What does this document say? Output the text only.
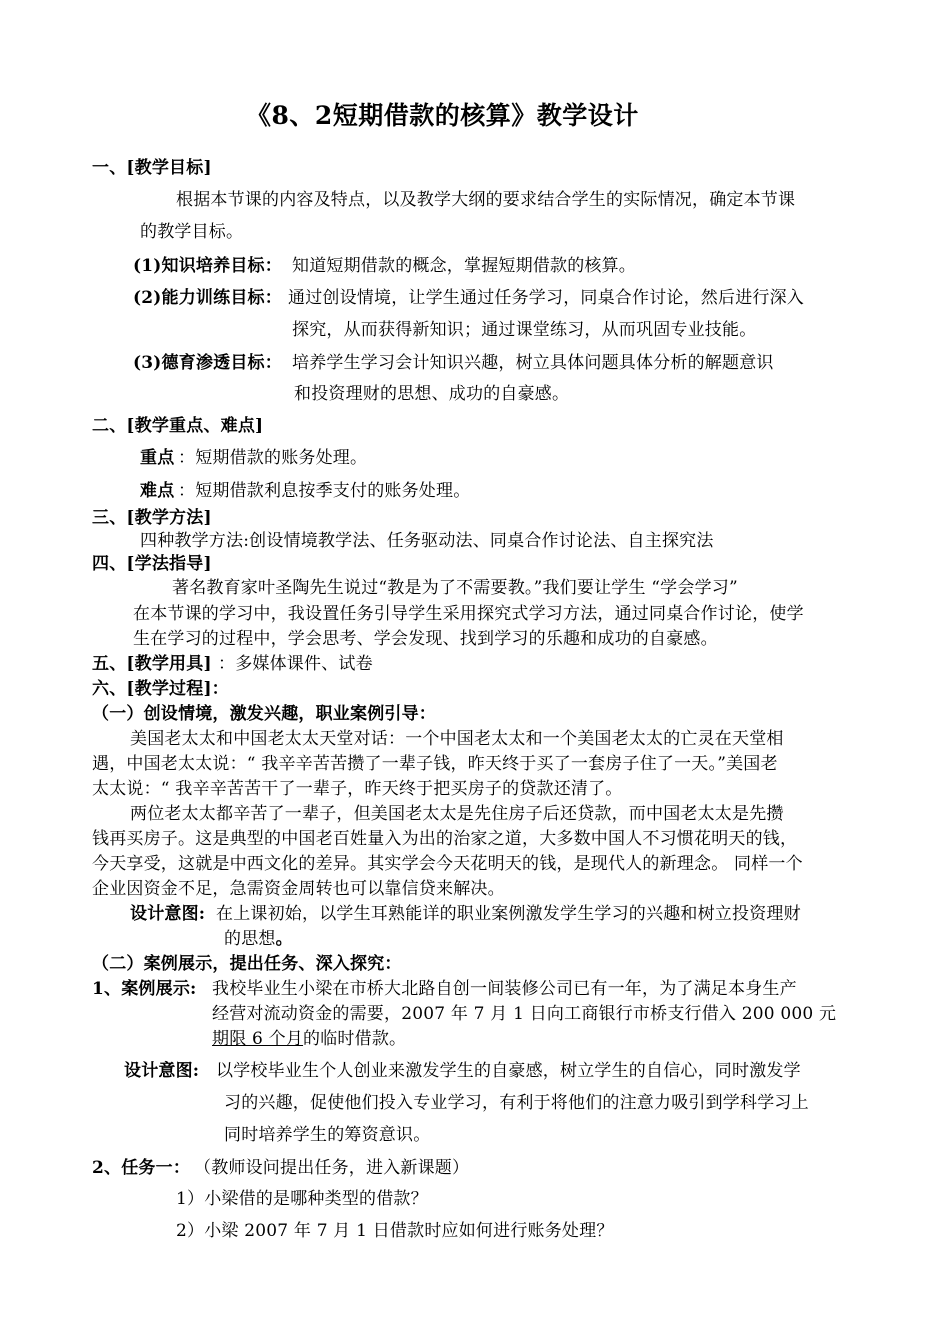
《8、2短期借款的核算》教学设计
一、[教学目标]
根据本节课的内容及特点，以及教学大纲的要求结合学生的实际情况，确定本节课
的教学目标。
(1)知识培养目标： 知道短期借款的概念，掌握短期借款的核算。
(2)能力训练目标： 通过创设情境，让学生通过任务学习，同桌合作讨论，然后进行深入
探究，从而获得新知识；通过课堂练习，从而巩固专业技能。
(3)德育渗透目标： 培养学生学习会计知识兴趣，树立具体问题具体分析的解题意识
和投资理财的思想、成功的自豪感。
二、[教学重点、难点]
重点 ：短期借款的账务处理。
难点 ：短期借款利息按季支付的账务处理。
三、[教学方法]
四种教学方法:创设情境教学法、任务驱动法、同桌合作讨论法、自主探究法
四、[学法指导]
著名教育家叶圣陶先生说过“教是为了不需要教。”我们要让学生 “学会学习”
在本节课的学习中，我设置任务引导学生采用探究式学习方法，通过同桌合作讨论，使学
生在学习的过程中，学会思考、学会发现、找到学习的乐趣和成功的自豪感。
五、[教学用具] ：多媒体课件、试卷
六、[教学过程]：
（一）创设情境，激发兴趣，职业案例引导：
美国老太太和中国老太太天堂对话：一个中国老太太和一个美国老太太的亡灵在天堂相
遇，中国老太太说：“ 我辛辛苦苦攒了一辈子钱，昨天终于买了一套房子住了一天。”美国老
太太说：“ 我辛辛苦苦干了一辈子，昨天终于把买房子的贷款还清了。
两位老太太都辛苦了一辈子，但美国老太太是先住房子后还贷款，而中国老太太是先攒
钱再买房子。这是典型的中国老百姓量入为出的治家之道，大多数中国人不习惯花明天的钱，
今天享受，这就是中西文化的差异。其实学会今天花明天的钱，是现代人的新理念。 同样一个
企业因资金不足，急需资金周转也可以靠信贷来解决。
设计意图: 在上课初始，以学生耳熟能详的职业案例激发学生学习的兴趣和树立投资理财
的思想。
（二）案例展示，提出任务、深入探究：
1、案例展示: 我校毕业生小梁在市桥大北路自创一间装修公司已有一年，为了满足本身生产
经营对流动资金的需要，2007 年 7 月 1 日向工商银行市桥支行借入 200 000 元
期限 6 个月的临时借款。
设计意图: 以学校毕业生个人创业来激发学生的自豪感，树立学生的自信心，同时激发学
习的兴趣，促使他们投入专业学习，有利于将他们的注意力吸引到学科学习上
同时培养学生的筹资意识。
2、任务一： （教师设问提出任务，进入新课题）
1）小梁借的是哪种类型的借款？
2）小梁 2007 年 7 月 1 日借款时应如何进行账务处理？
